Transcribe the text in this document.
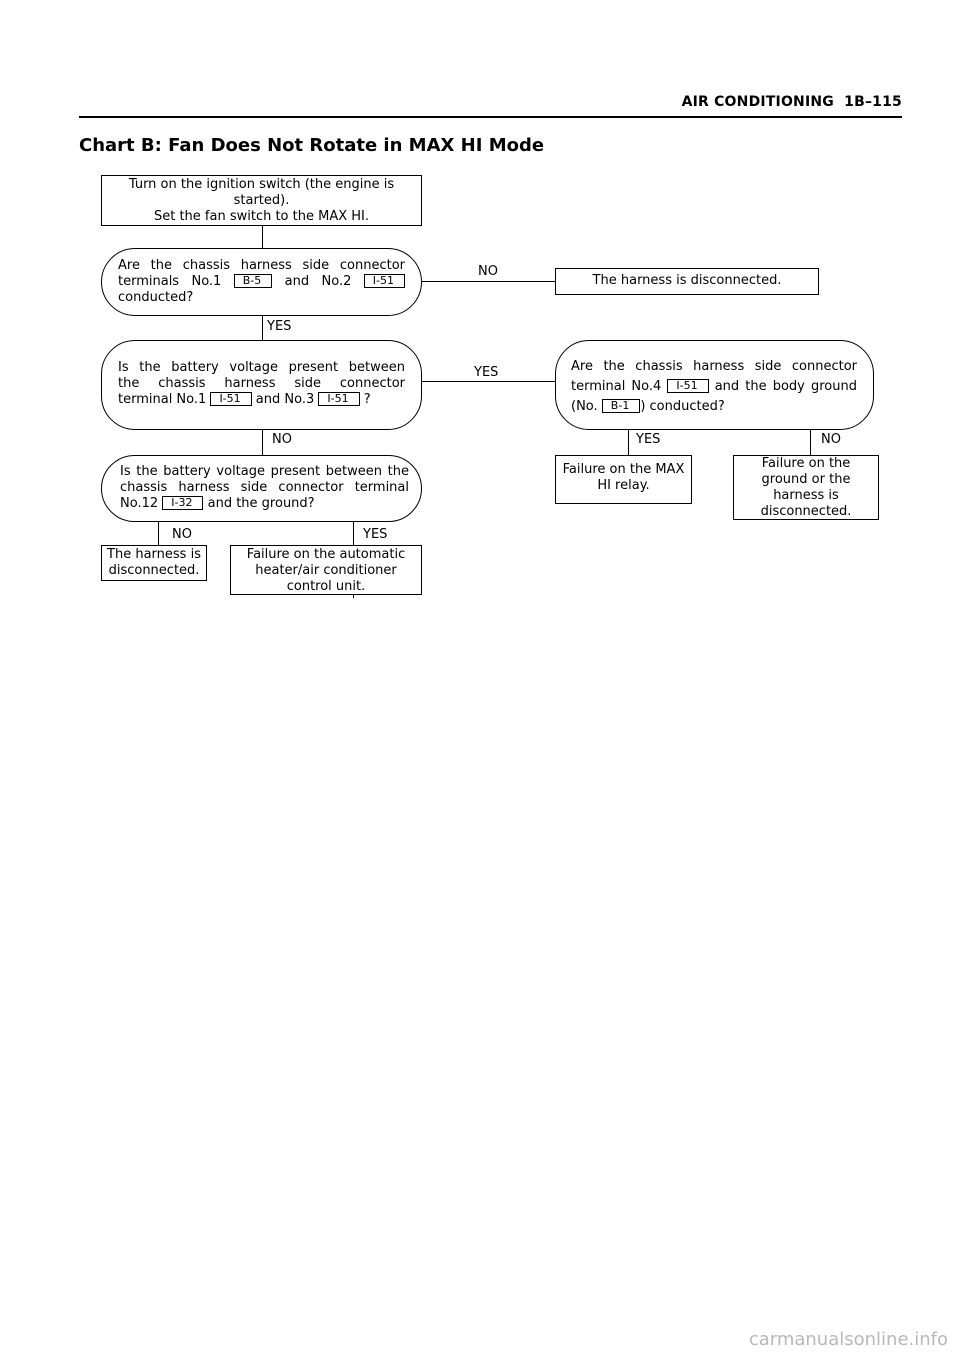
AIR CONDITIONING 1B–115
Chart B: Fan Does Not Rotate in MAX HI Mode
Turn on the ignition switch (the engine is
started).
Set the fan switch to the MAX HI.
Are the chassis harness side connector
terminals No.1 B-5 and No.2 I-51
conducted?
NO
YES
The harness is disconnected.
Is the battery voltage present between
the chassis harness side connector
terminal No.1 I-51 and No.3 I-51 ?
YES
NO
Are the chassis harness side connector
terminal No.4 I-51 and the body ground
(No. B-1 ) conducted?
YES	NO
Is the battery voltage present between the
chassis harness side connector terminal
No.12 I-32 and the ground?
Failure on the MAX
HI relay.
Failure on the
ground or the
harness is
disconnected.
NO	YES
The harness is
disconnected.
Failure on the automatic
heater/air conditioner
control unit.
carmanualsonline.info
